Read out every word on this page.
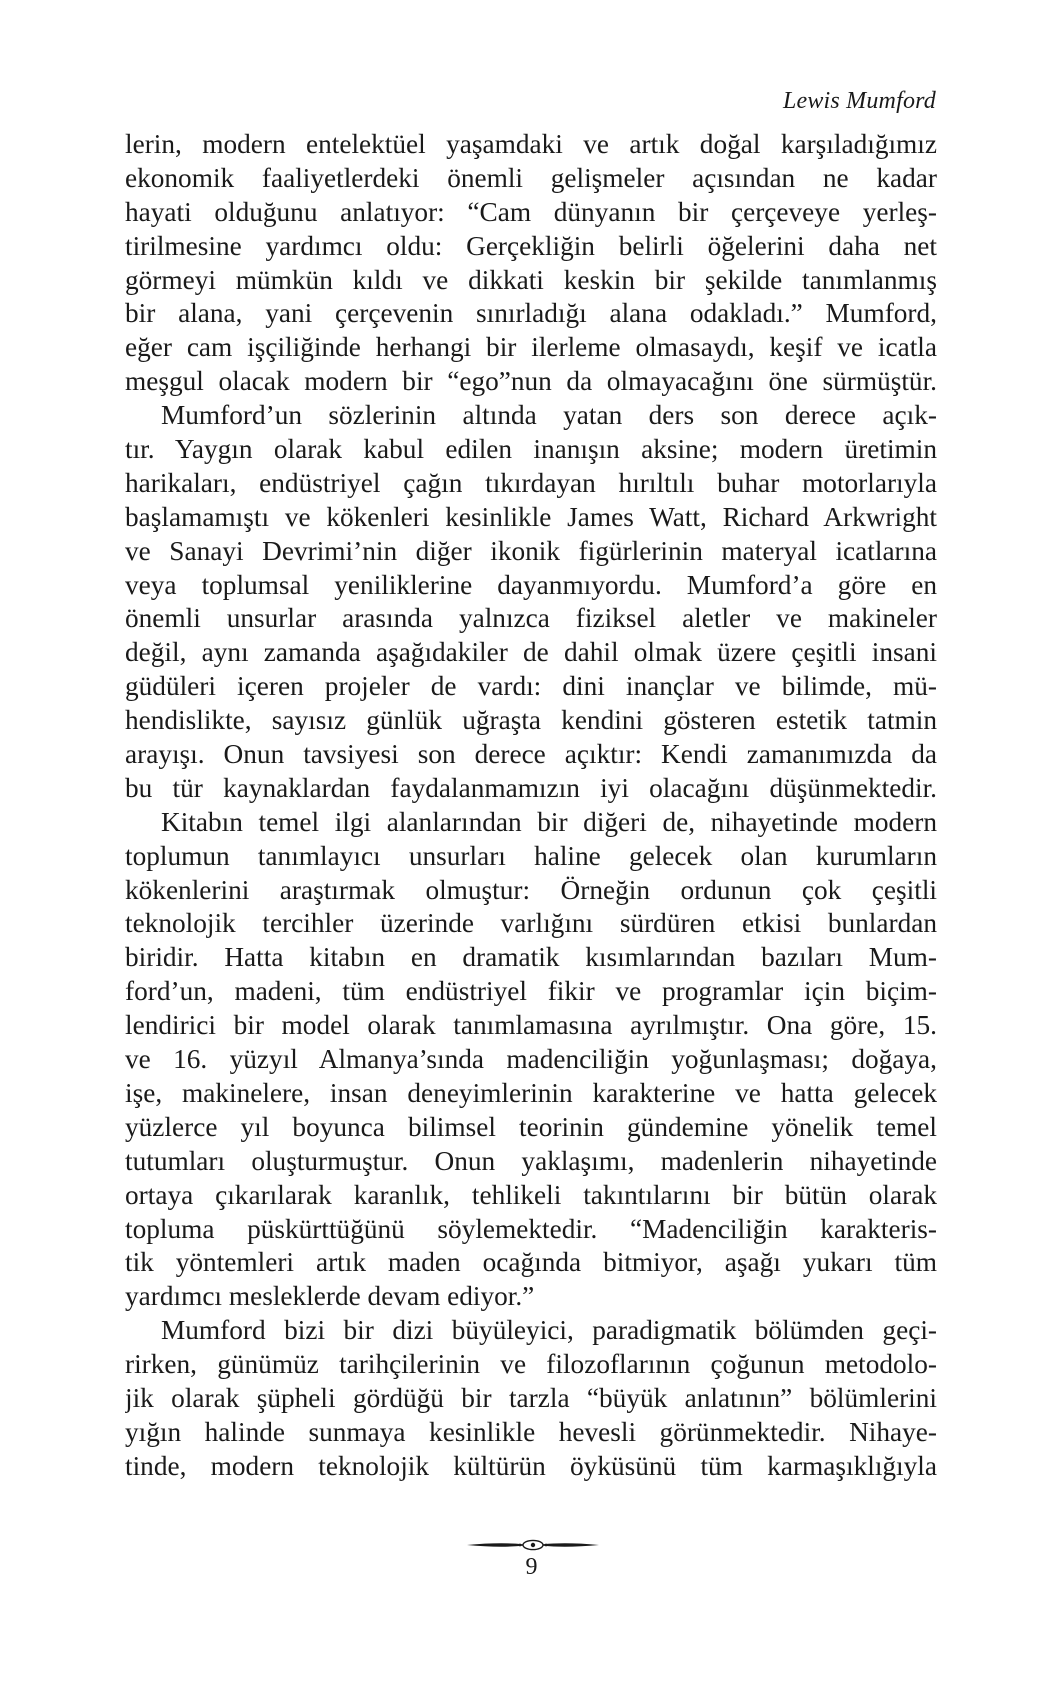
Lewis Mumford
lerin, modern entelektüel yaşamdaki ve artık doğal karşıladığımız
ekonomik faaliyetlerdeki önemli gelişmeler açısından ne kadar
hayati olduğunu anlatıyor: “Cam dünyanın bir çerçeveye yerleş-
tirilmesine yardımcı oldu: Gerçekliğin belirli öğelerini daha net
görmeyi mümkün kıldı ve dikkati keskin bir şekilde tanımlanmış
bir alana, yani çerçevenin sınırladığı alana odakladı.” Mumford,
eğer cam işçiliğinde herhangi bir ilerleme olmasaydı, keşif ve icatla
meşgul olacak modern bir “ego”nun da olmayacağını öne sürmüştür.
Mumford’un sözlerinin altında yatan ders son derece açık-
tır. Yaygın olarak kabul edilen inanışın aksine; modern üretimin
harikaları, endüstriyel çağın tıkırdayan hırıltılı buhar motorlarıyla
başlamamıştı ve kökenleri kesinlikle James Watt, Richard Arkwright
ve Sanayi Devrimi’nin diğer ikonik figürlerinin materyal icatlarına
veya toplumsal yeniliklerine dayanmıyordu. Mumford’a göre en
önemli unsurlar arasında yalnızca fiziksel aletler ve makineler
değil, aynı zamanda aşağıdakiler de dahil olmak üzere çeşitli insani
güdüleri içeren projeler de vardı: dini inançlar ve bilimde, mü-
hendislikte, sayısız günlük uğraşta kendini gösteren estetik tatmin
arayışı. Onun tavsiyesi son derece açıktır: Kendi zamanımızda da
bu tür kaynaklardan faydalanmamızın iyi olacağını düşünmektedir.
Kitabın temel ilgi alanlarından bir diğeri de, nihayetinde modern
toplumun tanımlayıcı unsurları haline gelecek olan kurumların
kökenlerini araştırmak olmuştur: Örneğin ordunun çok çeşitli
teknolojik tercihler üzerinde varlığını sürdüren etkisi bunlardan
biridir. Hatta kitabın en dramatik kısımlarından bazıları Mum-
ford’un, madeni, tüm endüstriyel fikir ve programlar için biçim-
lendirici bir model olarak tanımlamasına ayrılmıştır. Ona göre, 15.
ve 16. yüzyıl Almanya’sında madenciliğin yoğunlaşması; doğaya,
işe, makinelere, insan deneyimlerinin karakterine ve hatta gelecek
yüzlerce yıl boyunca bilimsel teorinin gündemine yönelik temel
tutumları oluşturmuştur. Onun yaklaşımı, madenlerin nihayetinde
ortaya çıkarılarak karanlık, tehlikeli takıntılarını bir bütün olarak
topluma püskürttüğünü söylemektedir. “Madenciliğin karakteris-
tik yöntemleri artık maden ocağında bitmiyor, aşağı yukarı tüm
yardımcı mesleklerde devam ediyor.”
Mumford bizi bir dizi büyüleyici, paradigmatik bölümden geçi-
rirken, günümüz tarihçilerinin ve filozoflarının çoğunun metodolo-
jik olarak şüpheli gördüğü bir tarzla “büyük anlatının” bölümlerini
yığın halinde sunmaya kesinlikle hevesli görünmektedir. Nihaye-
tinde, modern teknolojik kültürün öyküsünü tüm karmaşıklığıyla
9
